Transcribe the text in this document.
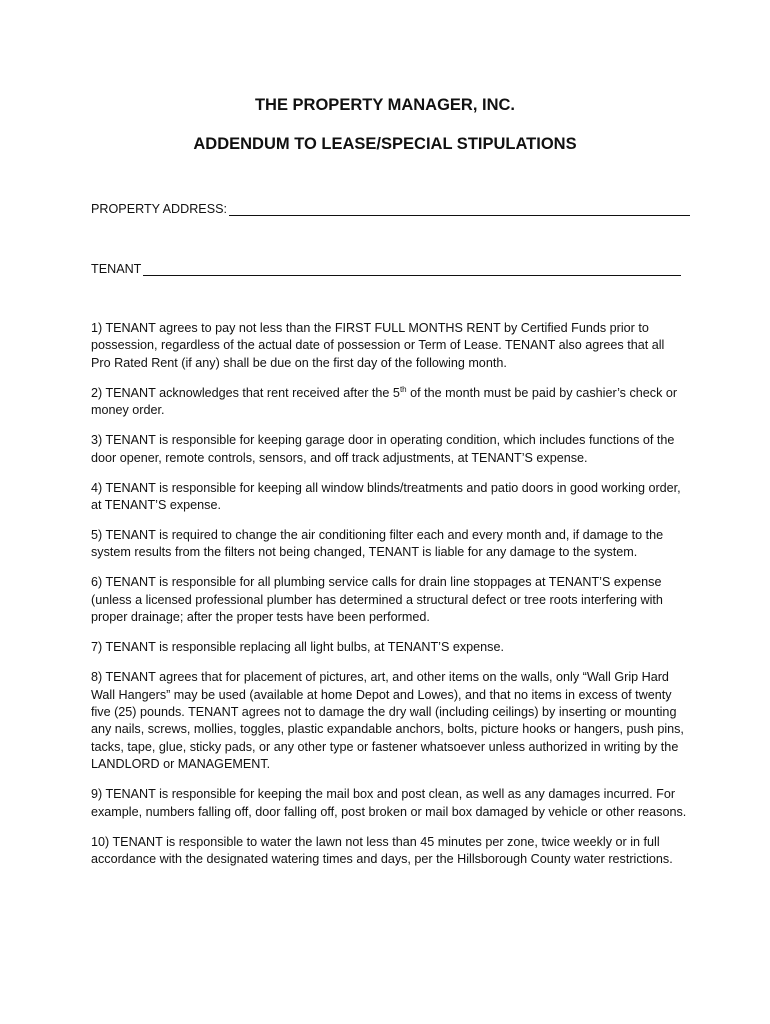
THE PROPERTY MANAGER, INC.
ADDENDUM TO LEASE/SPECIAL STIPULATIONS
PROPERTY ADDRESS:
TENANT

1) TENANT agrees to pay not less than the FIRST FULL MONTHS RENT by Certified Funds prior to possession, regardless of the actual date of possession or Term of Lease. TENANT also agrees that all Pro Rated Rent (if any) shall be due on the first day of the following month.

2) TENANT acknowledges that rent received after the 5th of the month must be paid by cashier’s check or money order.

3) TENANT is responsible for keeping garage door in operating condition, which includes functions of the door opener, remote controls, sensors, and off track adjustments, at TENANT’S expense.

4) TENANT is responsible for keeping all window blinds/treatments and patio doors in good working order, at TENANT’S expense.

5) TENANT is required to change the air conditioning filter each and every month and, if damage to the system results from the filters not being changed, TENANT is liable for any damage to the system.

6) TENANT is responsible for all plumbing service calls for drain line stoppages at TENANT’S expense (unless a licensed professional plumber has determined a structural defect or tree roots interfering with proper drainage; after the proper tests have been performed.

7) TENANT is responsible replacing all light bulbs, at TENANT’S expense.

8) TENANT agrees that for placement of pictures, art, and other items on the walls, only “Wall Grip Hard Wall Hangers” may be used (available at home Depot and Lowes), and that no items in excess of twenty five (25) pounds. TENANT agrees not to damage the dry wall (including ceilings) by inserting or mounting any nails, screws, mollies, toggles, plastic expandable anchors, bolts, picture hooks or hangers, push pins, tacks, tape, glue, sticky pads, or any other type or fastener whatsoever unless authorized in writing by the LANDLORD or MANAGEMENT.

9) TENANT is responsible for keeping the mail box and post clean, as well as any damages incurred. For example, numbers falling off, door falling off, post broken or mail box damaged by vehicle or other reasons.

10) TENANT is responsible to water the lawn not less than 45 minutes per zone, twice weekly or in full accordance with the designated watering times and days, per the Hillsborough County water restrictions.
